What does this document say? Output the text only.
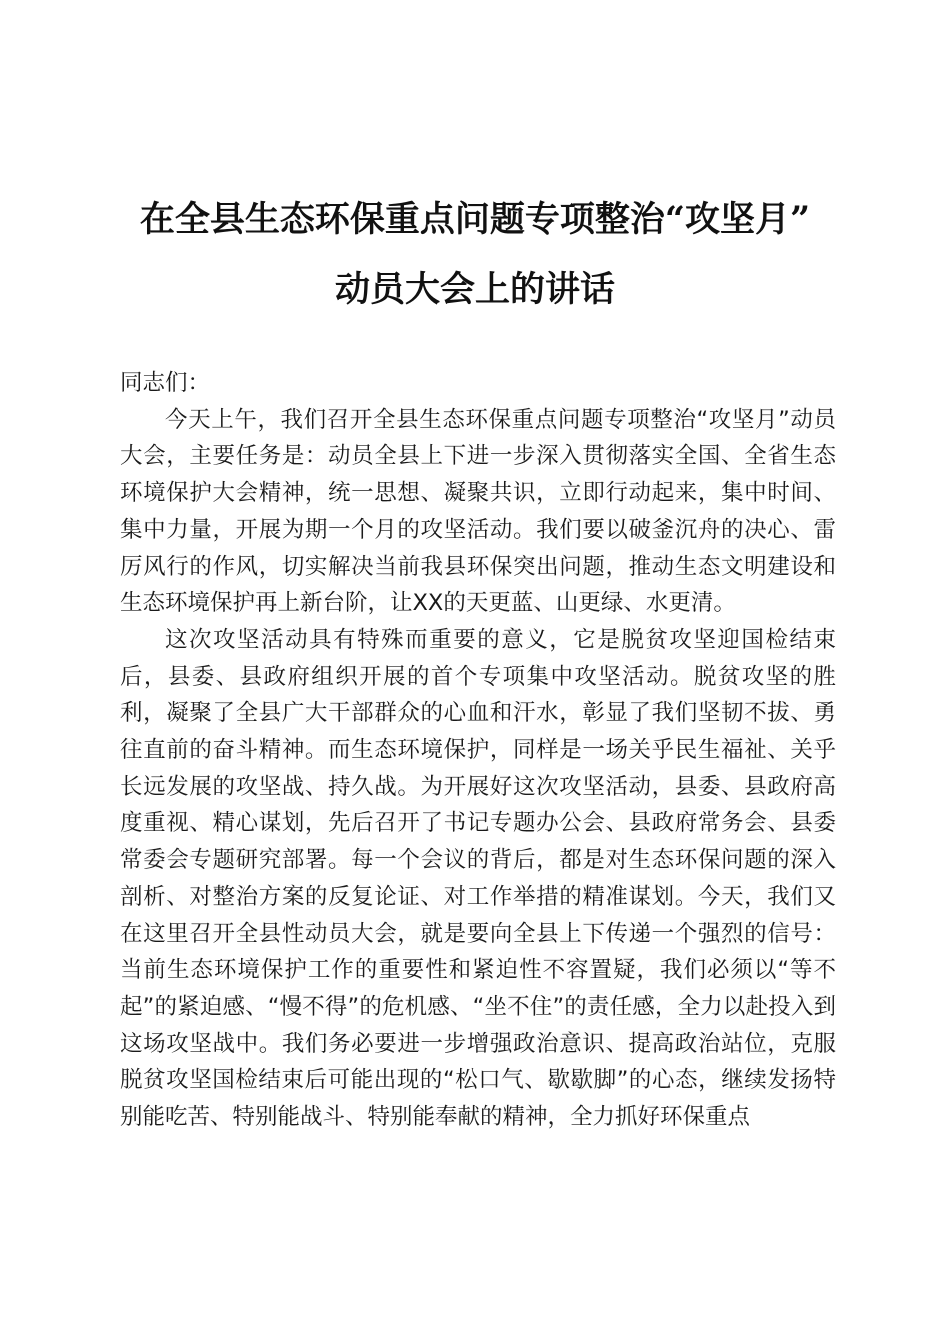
在全县生态环保重点问题专项整治“攻坚月”
动员大会上的讲话

同志们：

今天上午，我们召开全县生态环保重点问题专项整治“攻坚月”动员大会，主要任务是：动员全县上下进一步深入贯彻落实全国、全省生态环境保护大会精神，统一思想、凝聚共识，立即行动起来，集中时间、集中力量，开展为期一个月的攻坚活动。我们要以破釜沉舟的决心、雷厉风行的作风，切实解决当前我县环保突出问题，推动生态文明建设和生态环境保护再上新台阶，让XX的天更蓝、山更绿、水更清。

这次攻坚活动具有特殊而重要的意义，它是脱贫攻坚迎国检结束后，县委、县政府组织开展的首个专项集中攻坚活动。脱贫攻坚的胜利，凝聚了全县广大干部群众的心血和汗水，彰显了我们坚韧不拔、勇往直前的奋斗精神。而生态环境保护，同样是一场关乎民生福祉、关乎长远发展的攻坚战、持久战。为开展好这次攻坚活动，县委、县政府高度重视、精心谋划，先后召开了书记专题办公会、县政府常务会、县委常委会专题研究部署。每一个会议的背后，都是对生态环保问题的深入剖析、对整治方案的反复论证、对工作举措的精准谋划。今天，我们又在这里召开全县性动员大会，就是要向全县上下传递一个强烈的信号：当前生态环境保护工作的重要性和紧迫性不容置疑，我们必须以“等不起”的紧迫感、“慢不得”的危机感、“坐不住”的责任感，全力以赴投入到这场攻坚战中。我们务必要进一步增强政治意识、提高政治站位，克服脱贫攻坚国检结束后可能出现的“松口气、歇歇脚”的心态，继续发扬特别能吃苦、特别能战斗、特别能奉献的精神，全力抓好环保重点
